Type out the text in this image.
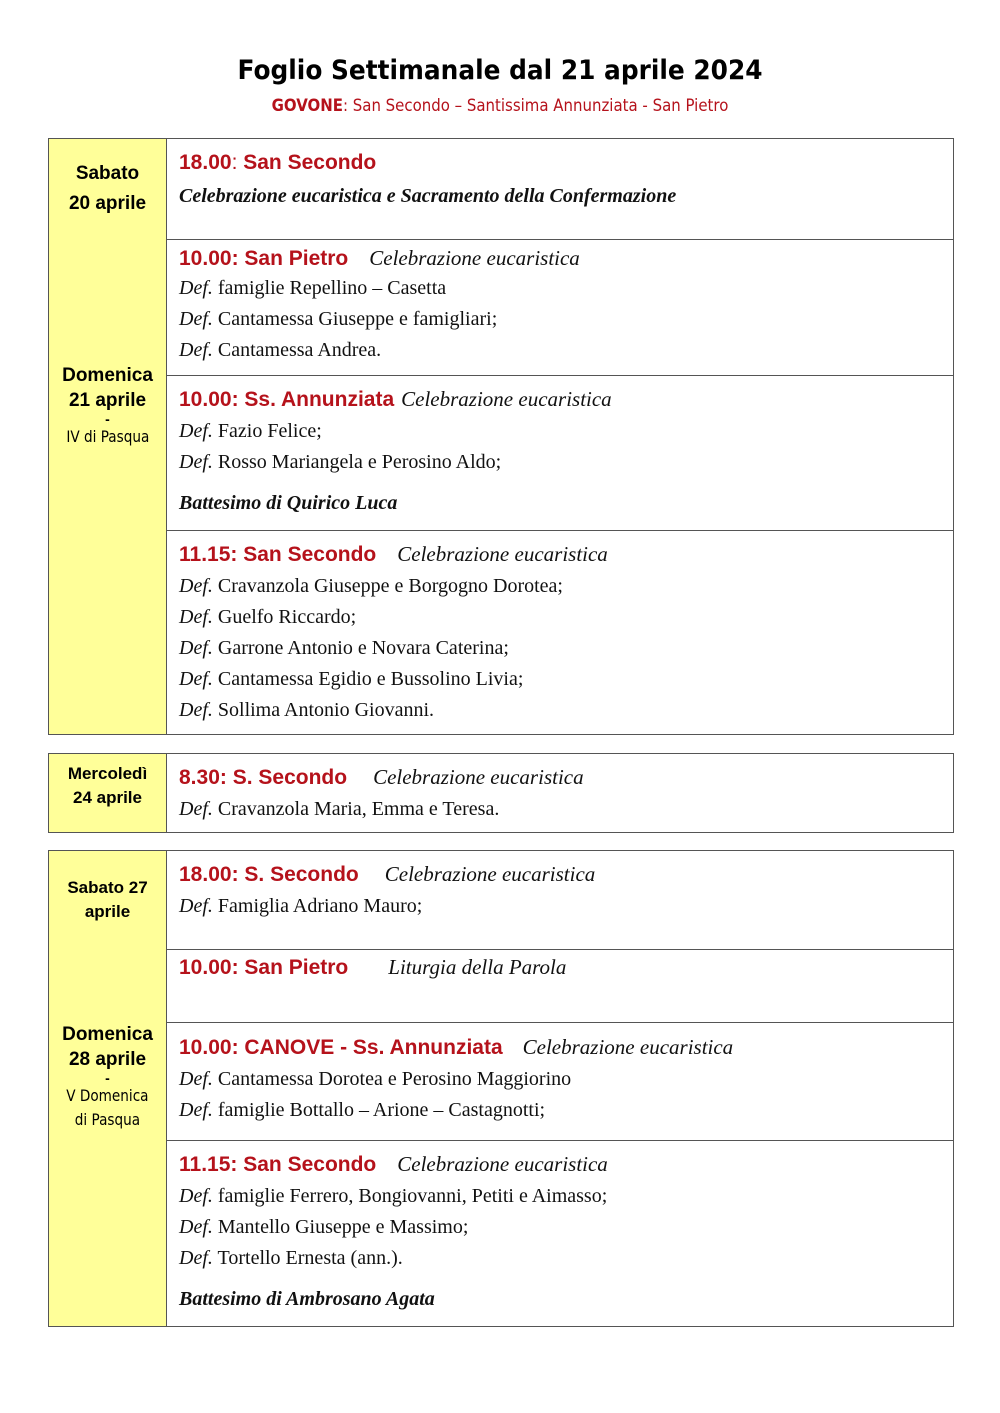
Foglio Settimanale dal 21 aprile 2024
GOVONE: San Secondo – Santissima Annunziata - San Pietro
Sabato
20 aprile
18.00: San Secondo
Celebrazione eucaristica e Sacramento della Confermazione
Domenica
21 aprile
-
IV di Pasqua
10.00: San Pietro Celebrazione eucaristica
Def. famiglie Repellino – Casetta
Def. Cantamessa Giuseppe e famigliari;
Def. Cantamessa Andrea.
10.00: Ss. Annunziata Celebrazione eucaristica
Def. Fazio Felice;
Def. Rosso Mariangela e Perosino Aldo;
Battesimo di Quirico Luca
11.15: San Secondo Celebrazione eucaristica
Def. Cravanzola Giuseppe e Borgogno Dorotea;
Def. Guelfo Riccardo;
Def. Garrone Antonio e Novara Caterina;
Def. Cantamessa Egidio e Bussolino Livia;
Def. Sollima Antonio Giovanni.
Mercoledì
24 aprile
8.30: S. Secondo Celebrazione eucaristica
Def. Cravanzola Maria, Emma e Teresa.
Sabato 27
aprile
18.00: S. Secondo Celebrazione eucaristica
Def. Famiglia Adriano Mauro;
Domenica
28 aprile
-
V Domenica
di Pasqua
10.00: San Pietro Liturgia della Parola
10.00: CANOVE - Ss. Annunziata Celebrazione eucaristica
Def. Cantamessa Dorotea e Perosino Maggiorino
Def. famiglie Bottallo – Arione – Castagnotti;
11.15: San Secondo Celebrazione eucaristica
Def. famiglie Ferrero, Bongiovanni, Petiti e Aimasso;
Def. Mantello Giuseppe e Massimo;
Def. Tortello Ernesta (ann.).
Battesimo di Ambrosano Agata
